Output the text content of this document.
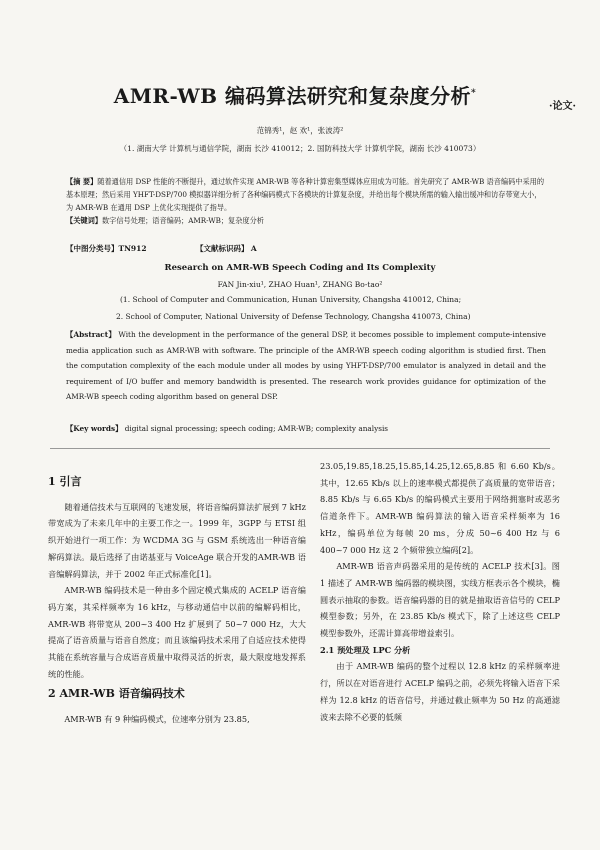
·论文·
AMR-WB 编码算法研究和复杂度分析*
范锦秀¹，赵 欢¹，张波涛²
（1. 湖南大学 计算机与通信学院，湖南 长沙 410012；2. 国防科技大学 计算机学院，湖南 长沙 410073）
【摘 要】随着通信用 DSP 性能的不断提升，通过软件实现 AMR-WB 等各种计算密集型媒体应用成为可能。首先研究了 AMR-WB 语音编码中采用的基本原理；然后采用 YHFT-DSP/700 模拟器详细分析了各种编码模式下各模块的计算复杂度，并给出每个模块所需的输入输出缓冲和访存带宽大小，为 AMR-WB 在通用 DSP 上优化实现提供了指导。
【关键词】数字信号处理；语音编码；AMR-WB；复杂度分析
【中图分类号】TN912	【文献标识码】 A
Research on AMR-WB Speech Coding and Its Complexity
FAN Jin-xiu¹, ZHAO Huan¹, ZHANG Bo-tao²
(1. School of Computer and Communication, Hunan University, Changsha 410012, China;
2. School of Computer, National University of Defense Technology, Changsha 410073, China)
【Abstract】 With the development in the performance of the general DSP, it becomes possible to implement compute-intensive media application such as AMR-WB with software. The principle of the AMR-WB speech coding algorithm is studied first. Then the computation complexity of the each module under all modes by using YHFT-DSP/700 emulator is analyzed in detail and the requirement of I/O buffer and memory bandwidth is presented. The research work provides guidance for optimization of the AMR-WB speech coding algorithm based on general DSP.
【Key words】 digital signal processing; speech coding; AMR-WB; complexity analysis
1 引言

随着通信技术与互联网的飞速发展，将语音编码算法扩展到 7 kHz 带宽成为了未来几年中的主要工作之一。1999 年，3GPP 与 ETSI 组织开始进行一项工作：为 WCDMA 3G 与 GSM 系统选出一种语音编解码算法。最后选择了由诺基亚与 VoiceAge 联合开发的AMR-WB 语音编解码算法，并于 2002 年正式标准化[1]。

AMR-WB 编码技术是一种由多个固定模式集成的 ACELP 语音编码方案，其采样频率为 16 kHz，与移动通信中以前的编解码相比，AMR-WB 将带宽从 200~3 400 Hz 扩展到了 50~7 000 Hz，大大提高了语音质量与语音自然度；而且该编码技术采用了自适应技术使得其能在系统容量与合成语音质量中取得灵活的折衷，最大限度地发挥系统的性能。

2 AMR-WB 语音编码技术

AMR-WB 有 9 种编码模式，位速率分别为 23.85,

23.05,19.85,18.25,15.85,14.25,12.65,8.85 和 6.60 Kb/s。其中，12.65 Kb/s 以上的速率模式都提供了高质量的宽带语音；8.85 Kb/s 与 6.65 Kb/s 的编码模式主要用于网络拥塞时或恶劣信道条件下。AMR-WB 编码算法的输入语音采样频率为 16 kHz，编码单位为每帧 20 ms，分成 50~6 400 Hz 与 6 400~7 000 Hz 这 2 个频带独立编码[2]。

AMR-WB 语音声码器采用的是传统的 ACELP 技术[3]。图 1 描述了 AMR-WB 编码器的模块图，实线方框表示各个模块，椭圆表示抽取的参数。语音编码器的目的就是抽取语音信号的 CELP 模型参数；另外，在 23.85 Kb/s 模式下，除了上述这些 CELP 模型参数外，还需计算高带增益索引。

2.1 预处理及 LPC 分析

由于 AMR-WB 编码的整个过程以 12.8 kHz 的采样频率进行，所以在对语音进行 ACELP 编码之前，必须先将输入语音下采样为 12.8 kHz 的语音信号，并通过截止频率为 50 Hz 的高通滤波来去除不必要的低频
